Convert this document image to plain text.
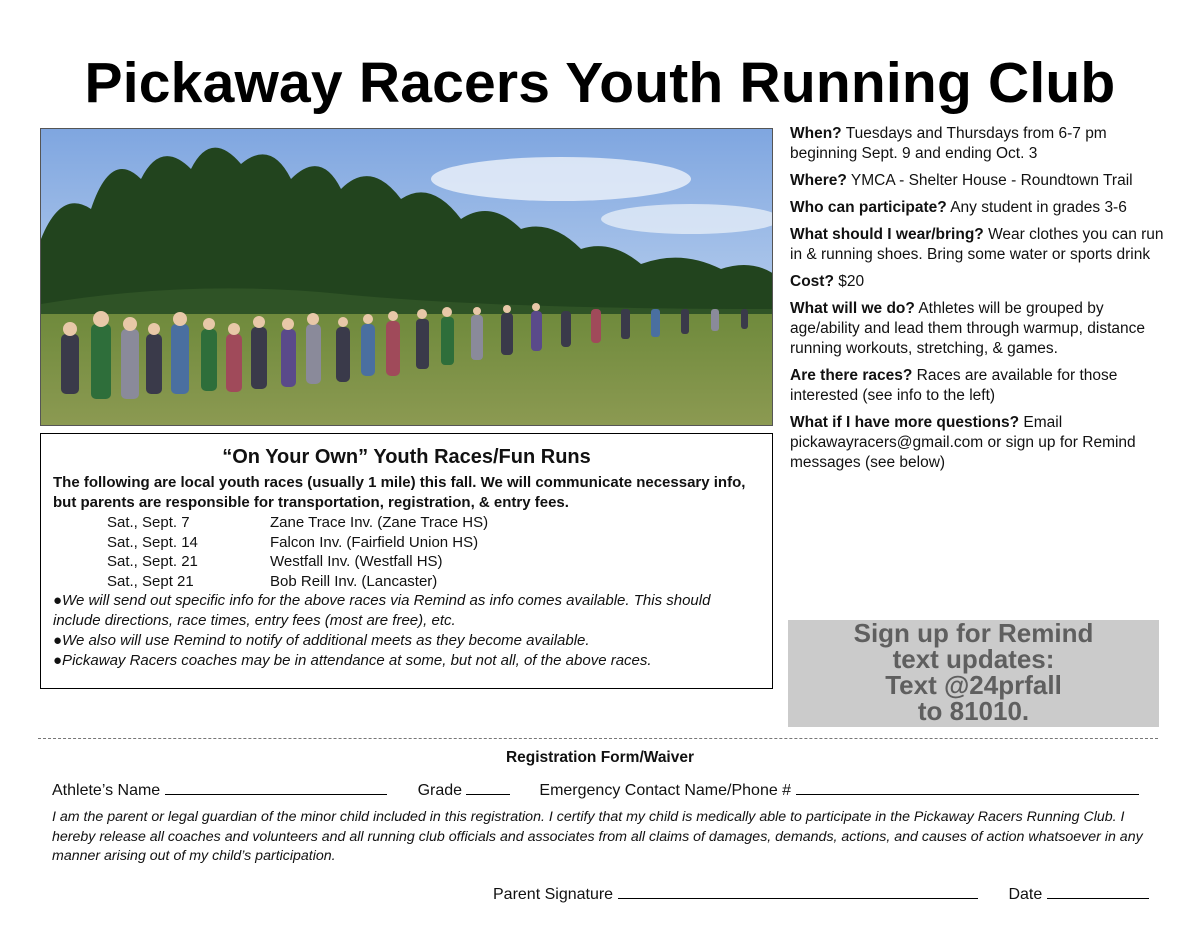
Pickaway Racers Youth Running Club
“On Your Own” Youth Races/Fun Runs
The following are local youth races (usually 1 mile) this fall. We will communicate necessary info, but parents are responsible for transportation, registration, & entry fees.
Sat., Sept. 7	Zane Trace Inv. (Zane Trace HS)
Sat., Sept. 14	Falcon Inv. (Fairfield Union HS)
Sat., Sept. 21	Westfall Inv. (Westfall HS)
Sat., Sept 21	Bob Reill Inv. (Lancaster)
●We will send out specific info for the above races via Remind as info comes available. This should include directions, race times, entry fees (most are free), etc.
●We also will use Remind to notify of additional meets as they become available.
●Pickaway Racers coaches may be in attendance at some, but not all, of the above races.
When? Tuesdays and Thursdays from 6-7 pm beginning Sept. 9 and ending Oct. 3
Where? YMCA - Shelter House - Roundtown Trail
Who can participate? Any student in grades 3-6
What should I wear/bring? Wear clothes you can run in & running shoes. Bring some water or sports drink
Cost? $20
What will we do? Athletes will be grouped by age/ability and lead them through warmup, distance running workouts, stretching, & games.
Are there races? Races are available for those interested (see info to the left)
What if I have more questions? Email pickawayracers@gmail.com or sign up for Remind messages (see below)
Sign up for Remind
text updates:
Text @24prfall
to 81010.
Registration Form/Waiver
Athlete’s Name	Grade	Emergency Contact Name/Phone #
I am the parent or legal guardian of the minor child included in this registration. I certify that my child is medically able to participate in the Pickaway Racers Running Club. I hereby release all coaches and volunteers and all running club officials and associates from all claims of damages, demands, actions, and causes of action whatsoever in any manner arising out of my child’s participation.
Parent Signature	Date
